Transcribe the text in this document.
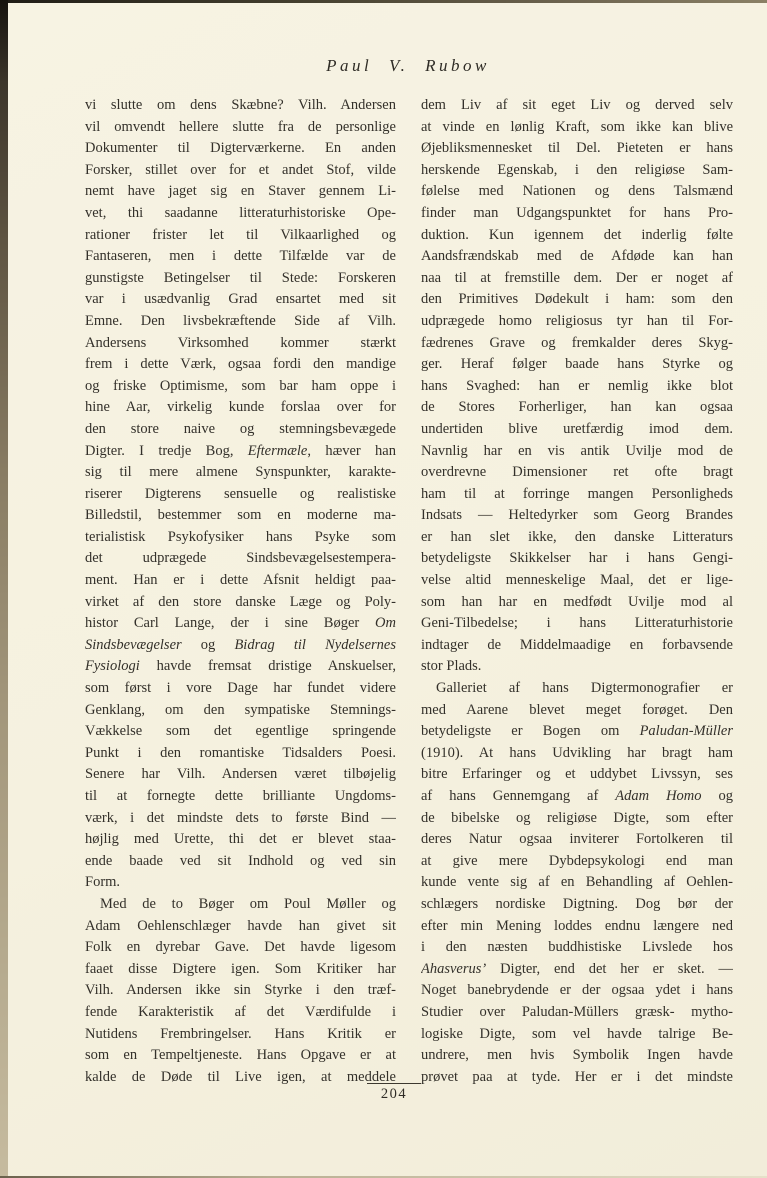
Paul V. Rubow
vi slutte om dens Skæbne? Vilh. Andersen
vil omvendt hellere slutte fra de personlige
Dokumenter til Digterværkerne. En anden
Forsker, stillet over for et andet Stof, vilde
nemt have jaget sig en Staver gennem Li-
vet, thi saadanne litteraturhistoriske Ope-
rationer frister let til Vilkaarlighed og
Fantaseren, men i dette Tilfælde var de
gunstigste Betingelser til Stede: Forskeren
var i usædvanlig Grad ensartet med sit
Emne. Den livsbekræftende Side af Vilh.
Andersens Virksomhed kommer stærkt
frem i dette Værk, ogsaa fordi den mandige
og friske Optimisme, som bar ham oppe i
hine Aar, virkelig kunde forslaa over for
den store naive og stemningsbevægede
Digter. I tredje Bog, Eftermæle, hæver han
sig til mere almene Synspunkter, karakte-
riserer Digterens sensuelle og realistiske
Billedstil, bestemmer som en moderne ma-
terialistisk Psykofysiker hans Psyke som
det udprægede Sindsbevægelsestempera-
ment. Han er i dette Afsnit heldigt paa-
virket af den store danske Læge og Poly-
histor Carl Lange, der i sine Bøger Om
Sindsbevægelser og Bidrag til Nydelsernes
Fysiologi havde fremsat dristige Anskuelser,
som først i vore Dage har fundet videre
Genklang, om den sympatiske Stemnings-
Vækkelse som det egentlige springende
Punkt i den romantiske Tidsalders Poesi.
Senere har Vilh. Andersen været tilbøjelig
til at fornegte dette brilliante Ungdoms-
værk, i det mindste dets to første Bind —
højlig med Urette, thi det er blevet staa-
ende baade ved sit Indhold og ved sin
Form.
Med de to Bøger om Poul Møller og
Adam Oehlenschlæger havde han givet sit
Folk en dyrebar Gave. Det havde ligesom
faaet disse Digtere igen. Som Kritiker har
Vilh. Andersen ikke sin Styrke i den træf-
fende Karakteristik af det Værdifulde i
Nutidens Frembringelser. Hans Kritik er
som en Tempeltjeneste. Hans Opgave er at
kalde de Døde til Live igen, at meddele
dem Liv af sit eget Liv og derved selv
at vinde en lønlig Kraft, som ikke kan blive
Øjebliksmennesket til Del. Pieteten er hans
herskende Egenskab, i den religiøse Sam-
følelse med Nationen og dens Talsmænd
finder man Udgangspunktet for hans Pro-
duktion. Kun igennem det inderlig følte
Aandsfrændskab med de Afdøde kan han
naa til at fremstille dem. Der er noget af
den Primitives Dødekult i ham: som den
udprægede homo religiosus tyr han til For-
fædrenes Grave og fremkalder deres Skyg-
ger. Heraf følger baade hans Styrke og
hans Svaghed: han er nemlig ikke blot
de Stores Forherliger, han kan ogsaa
undertiden blive uretfærdig imod dem.
Navnlig har en vis antik Uvilje mod de
overdrevne Dimensioner ret ofte bragt
ham til at forringe mangen Personligheds
Indsats — Heltedyrker som Georg Brandes
er han slet ikke, den danske Litteraturs
betydeligste Skikkelser har i hans Gengi-
velse altid menneskelige Maal, det er lige-
som han har en medfødt Uvilje mod al
Geni-Tilbedelse; i hans Litteraturhistorie
indtager de Middelmaadige en forbavsende
stor Plads.
Galleriet af hans Digtermonografier er
med Aarene blevet meget forøget. Den
betydeligste er Bogen om Paludan-Müller
(1910). At hans Udvikling har bragt ham
bitre Erfaringer og et uddybet Livssyn, ses
af hans Gennemgang af Adam Homo og
de bibelske og religiøse Digte, som efter
deres Natur ogsaa inviterer Fortolkeren til
at give mere Dybdepsykologi end man
kunde vente sig af en Behandling af Oehlen-
schlægers nordiske Digtning. Dog bør der
efter min Mening loddes endnu længere ned
i den næsten buddhistiske Livslede hos
Ahasverus’ Digter, end det her er sket. —
Noget banebrydende er der ogsaa ydet i hans
Studier over Paludan-Müllers græsk- mytho-
logiske Digte, som vel havde talrige Be-
undrere, men hvis Symbolik Ingen havde
prøvet paa at tyde. Her er i det mindste
204
